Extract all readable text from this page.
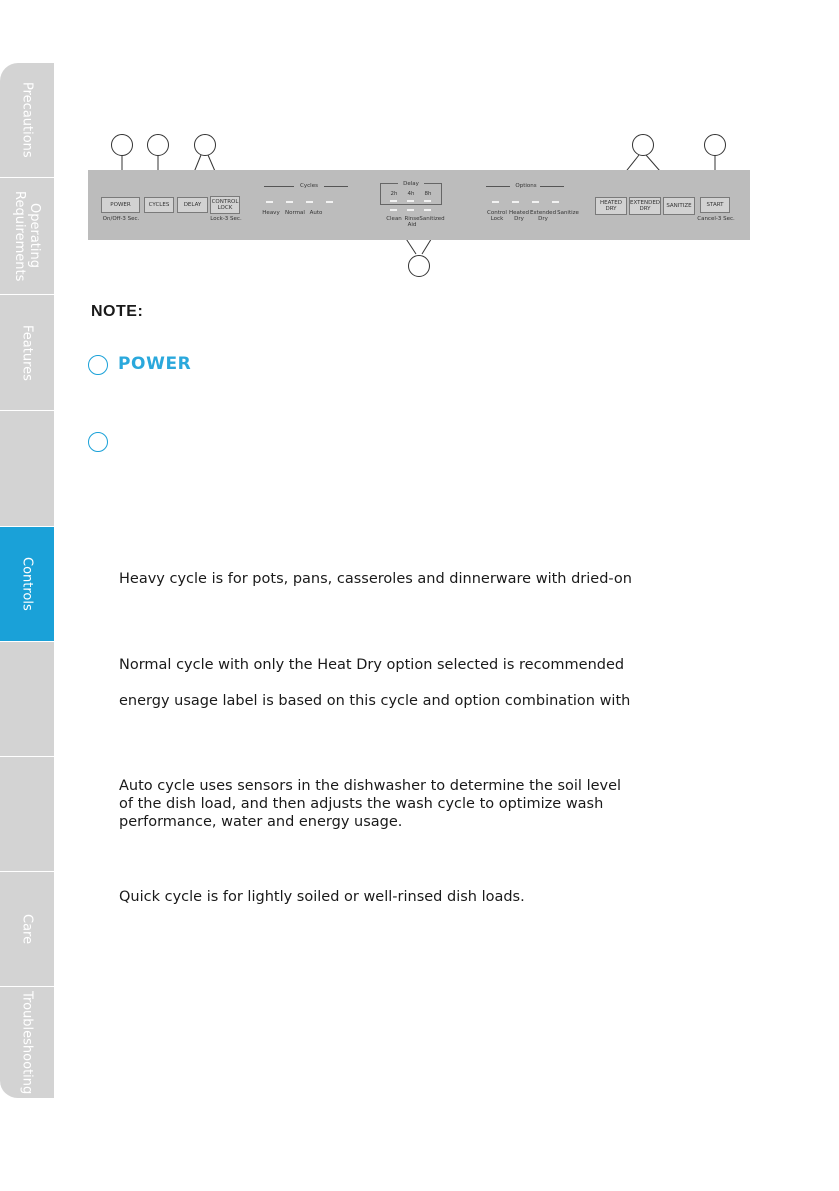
Precautions
Operating
Requirements
Features
Controls
Care
Troubleshooting
POWER
On/Off-3 Sec.
CYCLES	DELAY	CONTROL
LOCK
Lock-3 Sec.
Cycles
Heavy Normal Auto
Delay
2h	4h	8h
Clean Rinse
Aid
Sanitized
Options
Control
Lock
Heated
Dry
Extended
Dry
Sanitize
HEATED
DRY
EXTENDED
DRY	SANITIZE	START
Cancel-3 Sec.
NOTE:
POWER

Heavy cycle is for pots, pans, casseroles and dinnerware with dried-on

Normal cycle with only the Heat Dry option selected is recommended

energy usage label is based on this cycle and option combination with

Auto cycle uses sensors in the dishwasher to determine the soil level

of the dish load, and then adjusts the wash cycle to optimize wash

performance, water and energy usage.

Quick cycle is for lightly soiled or well-rinsed dish loads.
